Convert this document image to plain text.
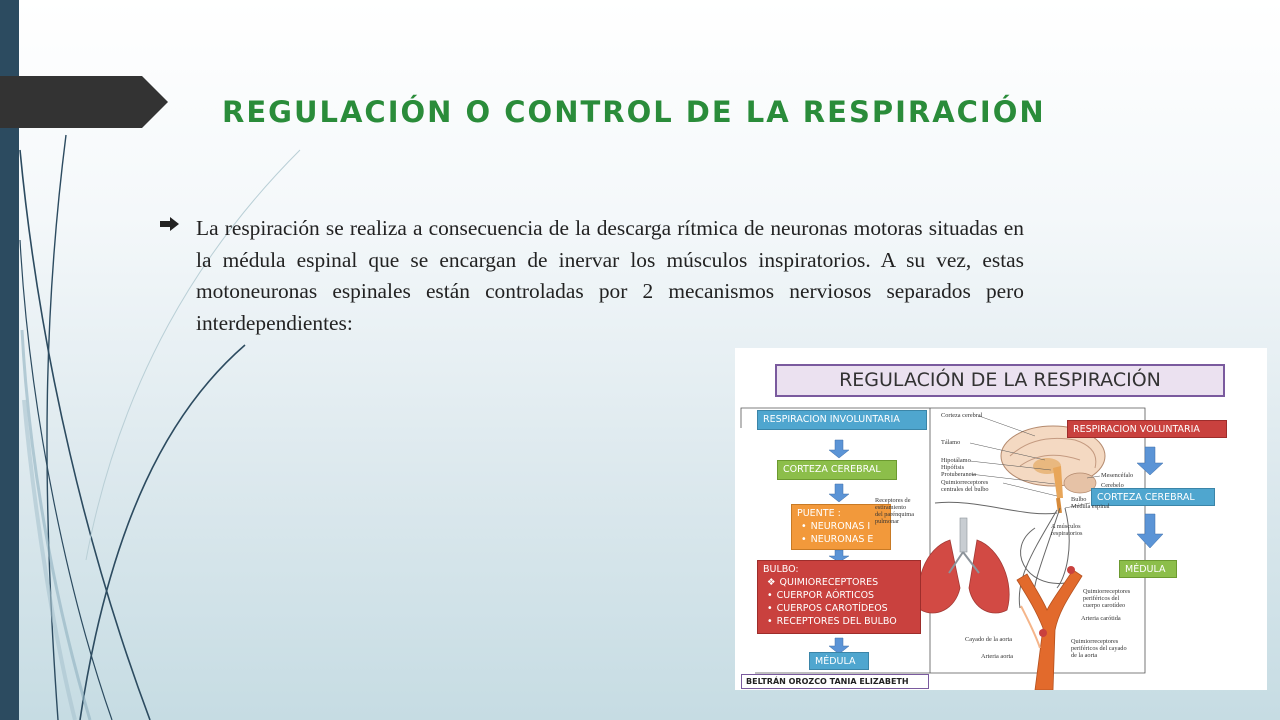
REGULACIÓN O CONTROL DE LA RESPIRACIÓN

La respiración se realiza a consecuencia de la descarga rítmica de neuronas motoras situadas en la médula espinal que se encargan de inervar los músculos inspiratorios. A su vez, estas motoneuronas espinales están controladas por 2 mecanismos nerviosos separados pero interdependientes:

REGULACIÓN DE LA RESPIRACIÓN
RESPIRACION INVOLUNTARIA
CORTEZA CEREBRAL
PUENTE :
• NEURONAS I
• NEURONAS E
BULBO:
❖ QUIMIORECEPTORES
• CUERPOR AÓRTICOS
• CUERPOS CAROTÍDEOS
• RECEPTORES DEL BULBO
MÉDULA
RESPIRACION VOLUNTARIA
CORTEZA CEREBRAL
MÉDULA
Corteza cerebral
Tálamo
Hipotálamo
Hipófisis
Protuberancia
Quimiorreceptores
centrales del bulbo
Mesencéfalo
Cerebelo
Bulbo
Médula espinal
Receptores de
estiramiento
del parénquima
pulmonar
A músculos
respiratorios
Quimiorreceptores
periféricos del
cuerpo carotídeo
Arteria carótida
Cayado de la aorta
Arteria aorta
Quimiorreceptores
periféricos del cayado
de la aorta
BELTRÁN OROZCO TANIA ELIZABETH
